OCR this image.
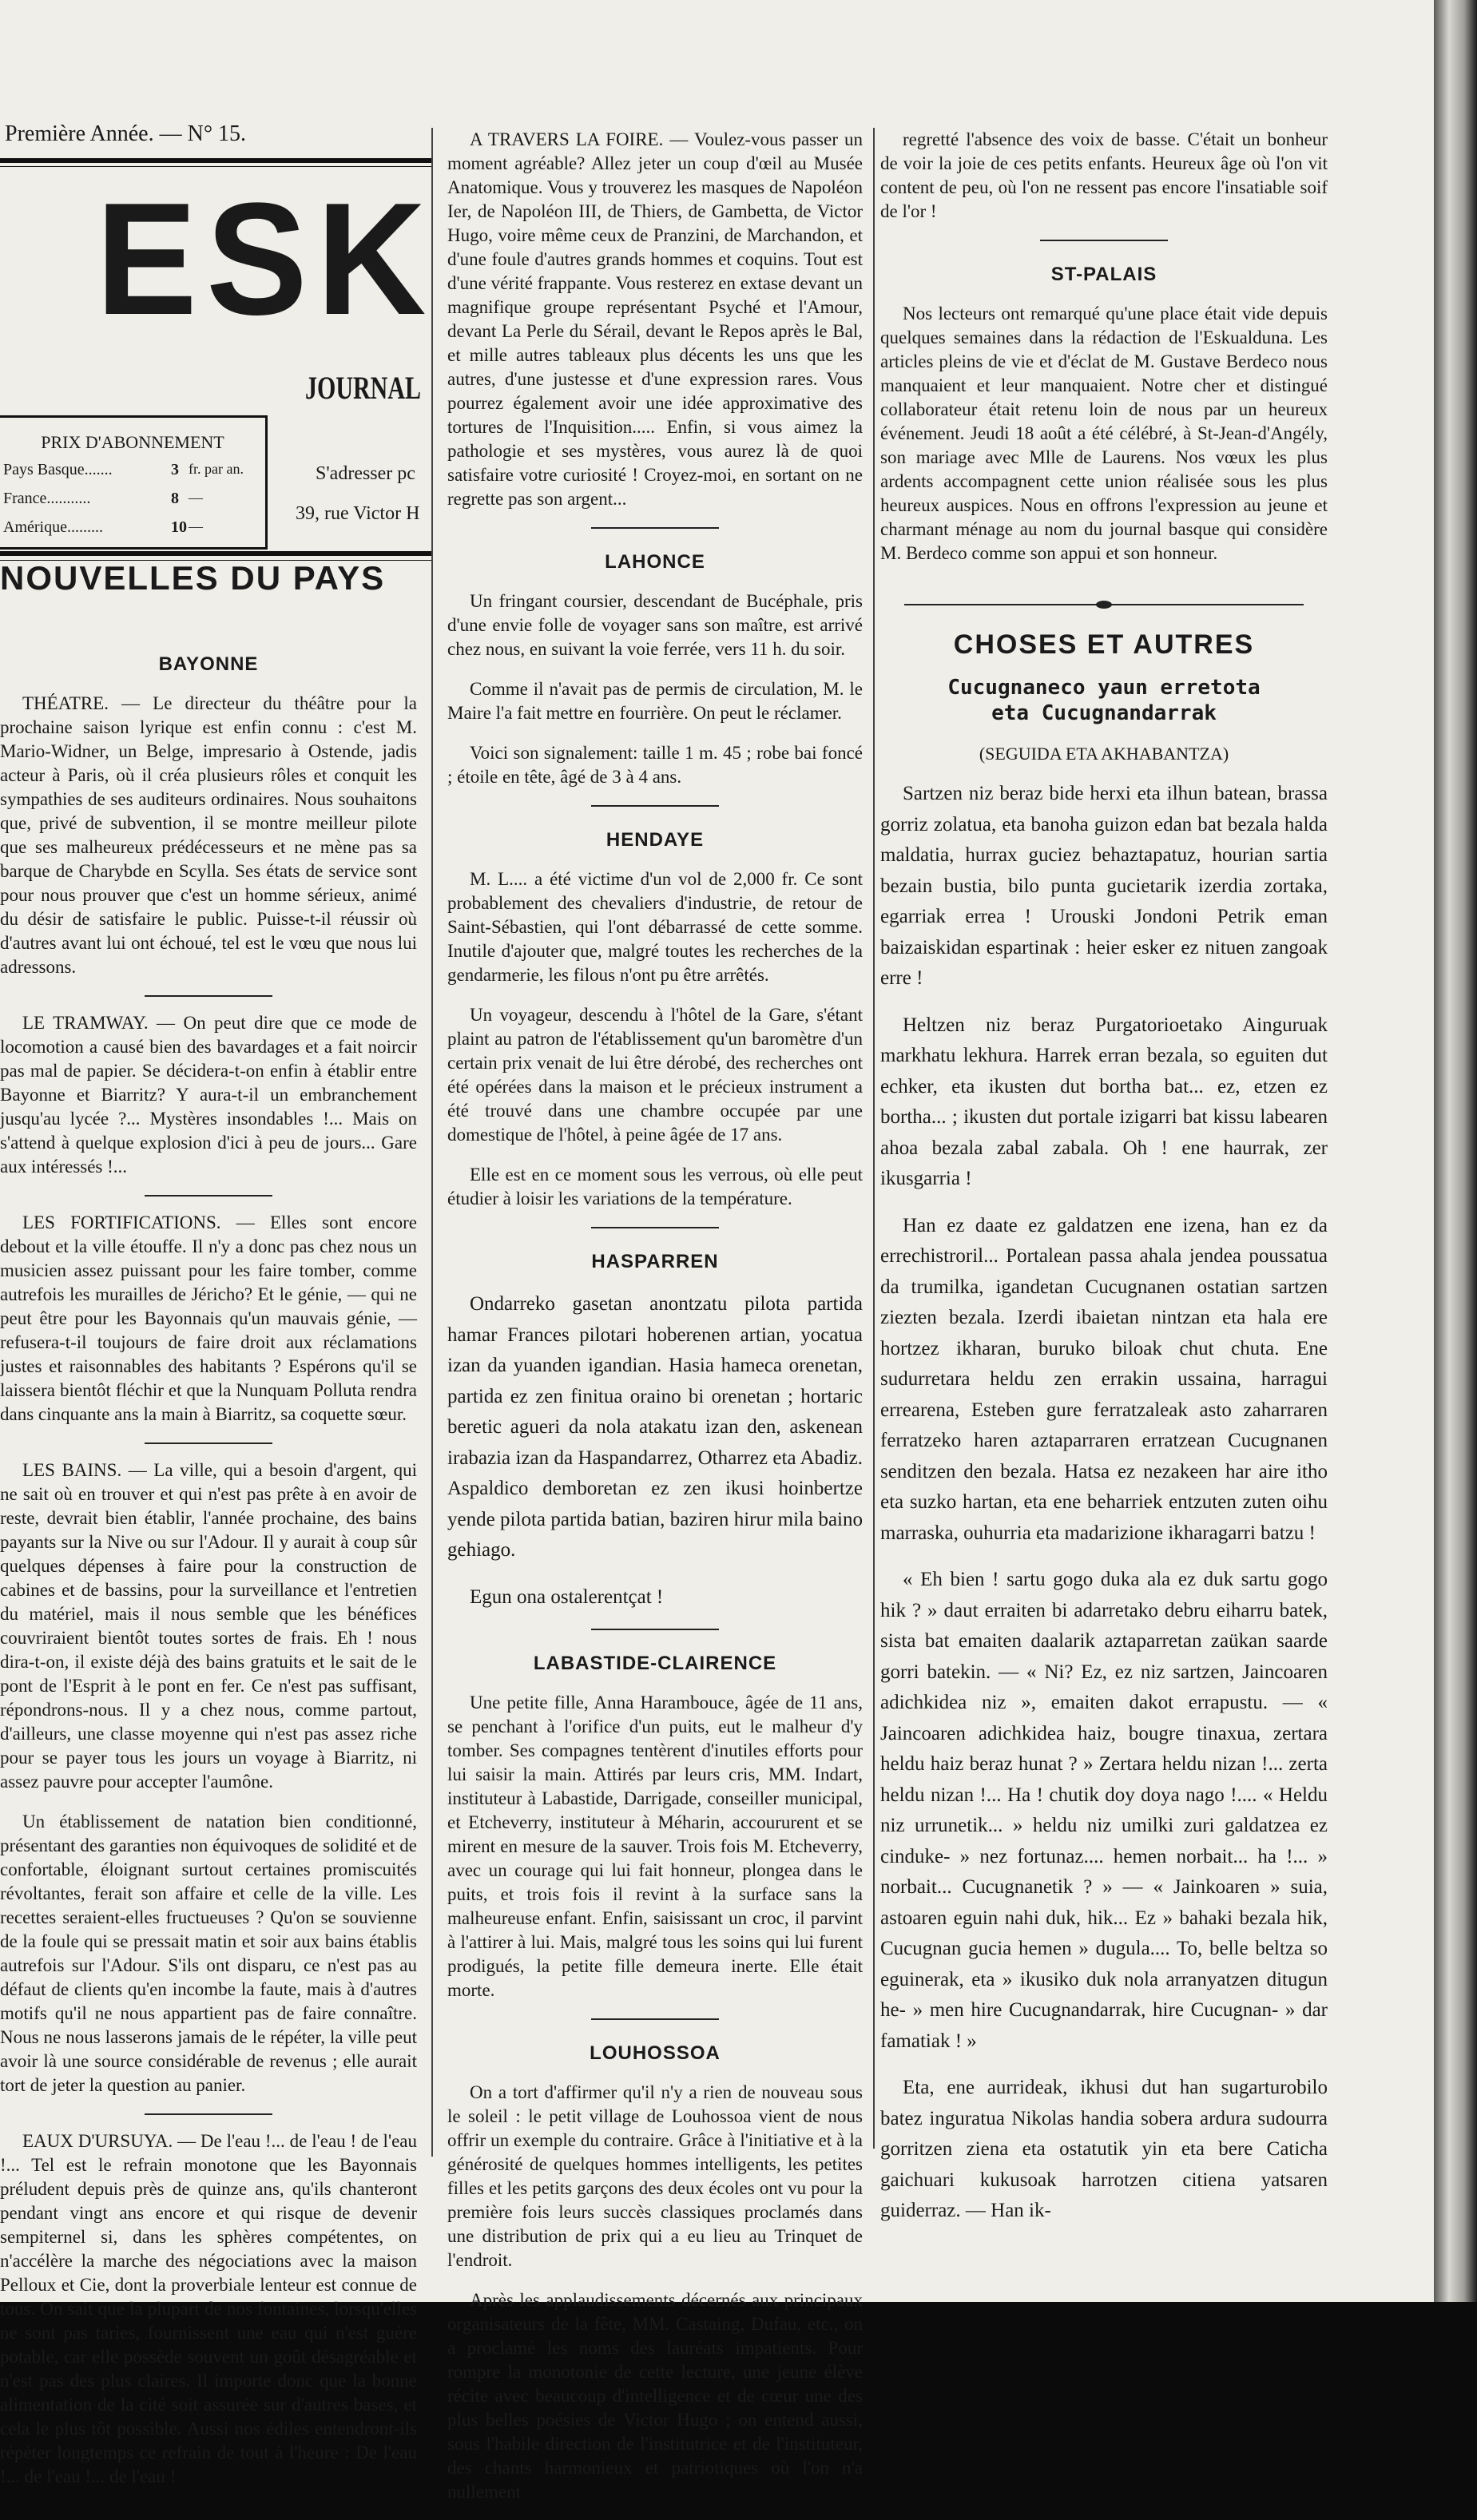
Première Année. — N° 15.
ESK
JOURNAL
PRIX D'ABONNEMENT
Pays Basque.......	3 fr. par an.
France...........	8 —
Amérique.........	10 —
S'adresser pc
39, rue Victor H
NOUVELLES DU PAYS
BAYONNE

THÉATRE. — Le directeur du théâtre pour la prochaine saison lyrique est enfin connu : c'est M. Mario-Widner, un Belge, impresario à Ostende, jadis acteur à Paris, où il créa plusieurs rôles et conquit les sympathies de ses auditeurs ordinaires. Nous souhaitons que, privé de subvention, il se montre meilleur pilote que ses malheureux prédécesseurs et ne mène pas sa barque de Charybde en Scylla. Ses états de service sont pour nous prouver que c'est un homme sérieux, animé du désir de satisfaire le public. Puisse-t-il réussir où d'autres avant lui ont échoué, tel est le vœu que nous lui adressons.

LE TRAMWAY. — On peut dire que ce mode de locomotion a causé bien des bavardages et a fait noircir pas mal de papier. Se décidera-t-on enfin à établir entre Bayonne et Biarritz? Y aura-t-il un embranchement jusqu'au lycée ?... Mystères insondables !... Mais on s'attend à quelque explosion d'ici à peu de jours... Gare aux intéressés !...

LES FORTIFICATIONS. — Elles sont encore debout et la ville étouffe. Il n'y a donc pas chez nous un musicien assez puissant pour les faire tomber, comme autrefois les murailles de Jéricho? Et le génie, — qui ne peut être pour les Bayonnais qu'un mauvais génie, — refusera-t-il toujours de faire droit aux réclamations justes et raisonnables des habitants ? Espérons qu'il se laissera bientôt fléchir et que la Nunquam Polluta rendra dans cinquante ans la main à Biarritz, sa coquette sœur.

LES BAINS. — La ville, qui a besoin d'argent, qui ne sait où en trouver et qui n'est pas prête à en avoir de reste, devrait bien établir, l'année prochaine, des bains payants sur la Nive ou sur l'Adour. Il y aurait à coup sûr quelques dépenses à faire pour la construction de cabines et de bassins, pour la surveillance et l'entretien du matériel, mais il nous semble que les bénéfices couvriraient bientôt toutes sortes de frais. Eh ! nous dira-t-on, il existe déjà des bains gratuits et le sait de le pont de l'Esprit à le pont en fer. Ce n'est pas suffisant, répondrons-nous. Il y a chez nous, comme partout, d'ailleurs, une classe moyenne qui n'est pas assez riche pour se payer tous les jours un voyage à Biarritz, ni assez pauvre pour accepter l'aumône.

Un établissement de natation bien conditionné, présentant des garanties non équivoques de solidité et de confortable, éloignant surtout certaines promiscuités révoltantes, ferait son affaire et celle de la ville. Les recettes seraient-elles fructueuses ? Qu'on se souvienne de la foule qui se pressait matin et soir aux bains établis autrefois sur l'Adour. S'ils ont disparu, ce n'est pas au défaut de clients qu'en incombe la faute, mais à d'autres motifs qu'il ne nous appartient pas de faire connaître. Nous ne nous lasserons jamais de le répéter, la ville peut avoir là une source considérable de revenus ; elle aurait tort de jeter la question au panier.

EAUX D'URSUYA. — De l'eau !... de l'eau ! de l'eau !... Tel est le refrain monotone que les Bayonnais préludent depuis près de quinze ans, qu'ils chanteront pendant vingt ans encore et qui risque de devenir sempiternel si, dans les sphères compétentes, on n'accélère la marche des négociations avec la maison Pelloux et Cie, dont la proverbiale lenteur est connue de tous. On sait que la plupart de nos fontaines, lorsqu'elles ne sont pas taries, fournissent une eau qui n'est guère potable, car elle possède souvent un goût désagréable et n'est pas des plus claires. Il importe donc que la bonne alimentation de la cité soit assurée sur d'autres bases, et cela le plus tôt possible. Aussi nos édiles entendront-ils répéter longtemps ce refrain de tout à l'heure : De l'eau !... de l'eau !... de l'eau !

A TRAVERS LA FOIRE. — Voulez-vous passer un moment agréable? Allez jeter un coup d'œil au Musée Anatomique. Vous y trouverez les masques de Napoléon Ier, de Napoléon III, de Thiers, de Gambetta, de Victor Hugo, voire même ceux de Pranzini, de Marchandon, et d'une foule d'autres grands hommes et coquins. Tout est d'une vérité frappante. Vous resterez en extase devant un magnifique groupe représentant Psyché et l'Amour, devant La Perle du Sérail, devant le Repos après le Bal, et mille autres tableaux plus décents les uns que les autres, d'une justesse et d'une expression rares. Vous pourrez également avoir une idée approximative des tortures de l'Inquisition..... Enfin, si vous aimez la pathologie et ses mystères, vous aurez là de quoi satisfaire votre curiosité ! Croyez-moi, en sortant on ne regrette pas son argent...

LAHONCE

Un fringant coursier, descendant de Bucéphale, pris d'une envie folle de voyager sans son maître, est arrivé chez nous, en suivant la voie ferrée, vers 11 h. du soir.

Comme il n'avait pas de permis de circulation, M. le Maire l'a fait mettre en fourrière. On peut le réclamer.

Voici son signalement: taille 1 m. 45 ; robe bai foncé ; étoile en tête, âgé de 3 à 4 ans.

HENDAYE

M. L.... a été victime d'un vol de 2,000 fr. Ce sont probablement des chevaliers d'industrie, de retour de Saint-Sébastien, qui l'ont débarrassé de cette somme. Inutile d'ajouter que, malgré toutes les recherches de la gendarmerie, les filous n'ont pu être arrêtés.

Un voyageur, descendu à l'hôtel de la Gare, s'étant plaint au patron de l'établissement qu'un baromètre d'un certain prix venait de lui être dérobé, des recherches ont été opérées dans la maison et le précieux instrument a été trouvé dans une chambre occupée par une domestique de l'hôtel, à peine âgée de 17 ans.

Elle est en ce moment sous les verrous, où elle peut étudier à loisir les variations de la température.

HASPARREN

Ondarreko gasetan anontzatu pilota partida hamar Frances pilotari hoberenen artian, yocatua izan da yuanden igandian. Hasia hameca orenetan, partida ez zen finitua oraino bi orenetan ; hortaric beretic agueri da nola atakatu izan den, askenean irabazia izan da Haspandarrez, Otharrez eta Abadiz. Aspaldico demboretan ez zen ikusi hoinbertze yende pilota partida batian, baziren hirur mila baino gehiago.

Egun ona ostalerentçat !

LABASTIDE-CLAIRENCE

Une petite fille, Anna Harambouce, âgée de 11 ans, se penchant à l'orifice d'un puits, eut le malheur d'y tomber. Ses compagnes tentèrent d'inutiles efforts pour lui saisir la main. Attirés par leurs cris, MM. Indart, instituteur à Labastide, Darrigade, conseiller municipal, et Etcheverry, instituteur à Méharin, accoururent et se mirent en mesure de la sauver. Trois fois M. Etcheverry, avec un courage qui lui fait honneur, plongea dans le puits, et trois fois il revint à la surface sans la malheureuse enfant. Enfin, saisissant un croc, il parvint à l'attirer à lui. Mais, malgré tous les soins qui lui furent prodigués, la petite fille demeura inerte. Elle était morte.

LOUHOSSOA

On a tort d'affirmer qu'il n'y a rien de nouveau sous le soleil : le petit village de Louhossoa vient de nous offrir un exemple du contraire. Grâce à l'initiative et à la générosité de quelques hommes intelligents, les petites filles et les petits garçons des deux écoles ont vu pour la première fois leurs succès classiques proclamés dans une distribution de prix qui a eu lieu au Trinquet de l'endroit.

Après les applaudissements décernés aux principaux organisateurs de la fête, MM. Castaing, Dufau, etc., on a proclamé les noms des lauréats impatients. Pour rompre la monotonie de cette lecture, une jeune élève récite avec beaucoup d'intelligence et de cœur une des plus belles poésies de Victor Hugo ; on entend aussi, sous l'habile direction de l'institutrice et de l'instituteur, des chants harmonieux et patriotiques où l'on n'a nullement

regretté l'absence des voix de basse. C'était un bonheur de voir la joie de ces petits enfants. Heureux âge où l'on vit content de peu, où l'on ne ressent pas encore l'insatiable soif de l'or !

ST-PALAIS

Nos lecteurs ont remarqué qu'une place était vide depuis quelques semaines dans la rédaction de l'Eskualduna. Les articles pleins de vie et d'éclat de M. Gustave Berdeco nous manquaient et leur manquaient. Notre cher et distingué collaborateur était retenu loin de nous par un heureux événement. Jeudi 18 août a été célébré, à St-Jean-d'Angély, son mariage avec Mlle de Laurens. Nos vœux les plus ardents accompagnent cette union réalisée sous les plus heureux auspices. Nous en offrons l'expression au jeune et charmant ménage au nom du journal basque qui considère M. Berdeco comme son appui et son honneur.

CHOSES ET AUTRES
Cucugnaneco yaun erretota
eta Cucugnandarrak
(SEGUIDA ETA AKHABANTZA)

Sartzen niz beraz bide herxi eta ilhun batean, brassa gorriz zolatua, eta banoha guizon edan bat bezala halda maldatia, hurrax guciez behaztapatuz, hourian sartia bezain bustia, bilo punta gucietarik izerdia zortaka, egarriak errea ! Urouski Jondoni Petrik eman baizaiskidan espartinak : heier esker ez nituen zangoak erre !

Heltzen niz beraz Purgatorioetako Ainguruak markhatu lekhura. Harrek erran bezala, so eguiten dut echker, eta ikusten dut bortha bat... ez, etzen ez bortha... ; ikusten dut portale izigarri bat kissu labearen ahoa bezala zabal zabala. Oh ! ene haurrak, zer ikusgarria !

Han ez daate ez galdatzen ene izena, han ez da errechistroril... Portalean passa ahala jendea poussatua da trumilka, igandetan Cucugnanen ostatian sartzen ziezten bezala. Izerdi ibaietan nintzan eta hala ere hortzez ikharan, buruko biloak chut chuta. Ene sudurretara heldu zen errakin ussaina, harragui errearena, Esteben gure ferratzaleak asto zaharraren ferratzeko haren aztaparraren erratzean Cucugnanen senditzen den bezala. Hatsa ez nezakeen har aire itho eta suzko hartan, eta ene beharriek entzuten zuten oihu marraska, ouhurria eta madarizione ikharagarri batzu !

« Eh bien ! sartu gogo duka ala ez duk sartu gogo hik ? » daut erraiten bi adarretako debru eiharru batek, sista bat emaiten daalarik aztaparretan zaükan saarde gorri batekin. — « Ni? Ez, ez niz sartzen, Jaincoaren adichkidea niz », emaiten dakot errapustu. — « Jaincoaren adichkidea haiz, bougre tinaxua, zertara heldu haiz beraz hunat ? » Zertara heldu nizan !... zerta heldu nizan !... Ha ! chutik doy doya nago !.... « Heldu niz urrunetik... » heldu niz umilki zuri galdatzea ez cinduke- » nez fortunaz.... hemen norbait... ha !... » norbait... Cucugnanetik ? » — « Jainkoaren » suia, astoaren eguin nahi duk, hik... Ez » bahaki bezala hik, Cucugnan gucia hemen » dugula.... To, belle beltza so eguinerak, eta » ikusiko duk nola arranyatzen ditugun he- » men hire Cucugnandarrak, hire Cucugnan- » dar famatiak ! »

Eta, ene aurrideak, ikhusi dut han sugarturobilo batez inguratua Nikolas handia sobera ardura sudourra gorritzen ziena eta ostatutik yin eta bere Caticha gaichuari kukusoak harrotzen citiena yatsaren guiderraz. — Han ik-
